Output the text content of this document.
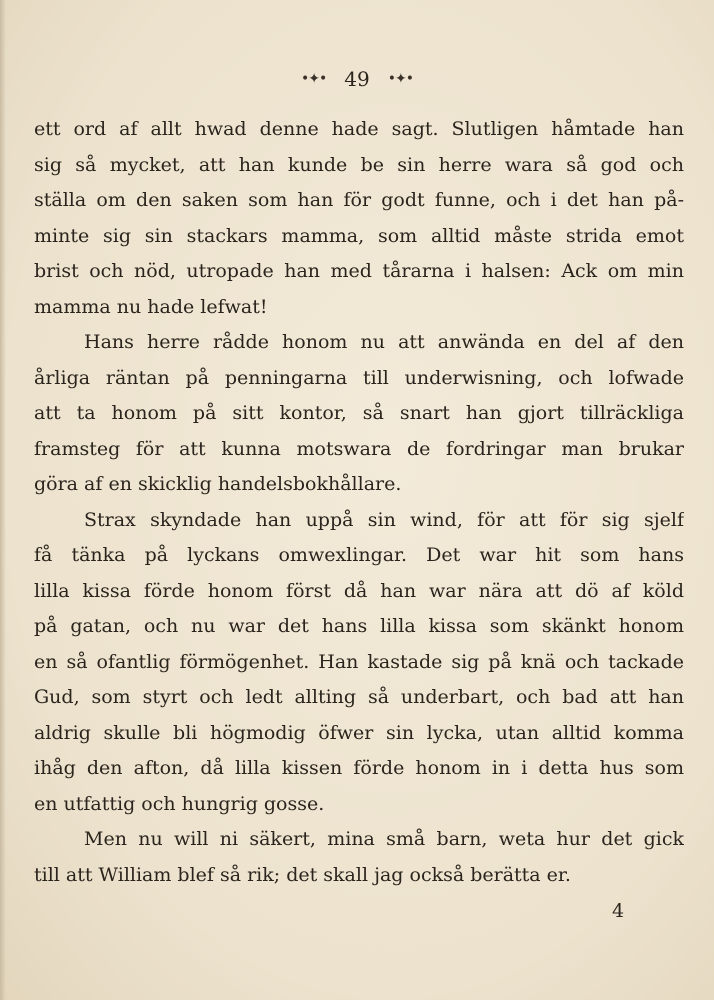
•✦• 49 •✦•
ett ord af allt hwad denne hade sagt. Slutligen håmtade han
sig så mycket, att han kunde be sin herre wara så god och
ställa om den saken som han för godt funne, och i det han på-
minte sig sin stackars mamma, som alltid måste strida emot
brist och nöd, utropade han med tårarna i halsen: Ack om min
mamma nu hade lefwat!
Hans herre rådde honom nu att anwända en del af den
årliga räntan på penningarna till underwisning, och lofwade
att ta honom på sitt kontor, så snart han gjort tillräckliga
framsteg för att kunna motswara de fordringar man brukar
göra af en skicklig handelsbokhållare.
Strax skyndade han uppå sin wind, för att för sig sjelf
få tänka på lyckans omwexlingar. Det war hit som hans
lilla kissa förde honom först då han war nära att dö af köld
på gatan, och nu war det hans lilla kissa som skänkt honom
en så ofantlig förmögenhet. Han kastade sig på knä och tackade
Gud, som styrt och ledt allting så underbart, och bad att han
aldrig skulle bli högmodig öfwer sin lycka, utan alltid komma
ihåg den afton, då lilla kissen förde honom in i detta hus som
en utfattig och hungrig gosse.
Men nu will ni säkert, mina små barn, weta hur det gick
till att William blef så rik; det skall jag också berätta er.
4
